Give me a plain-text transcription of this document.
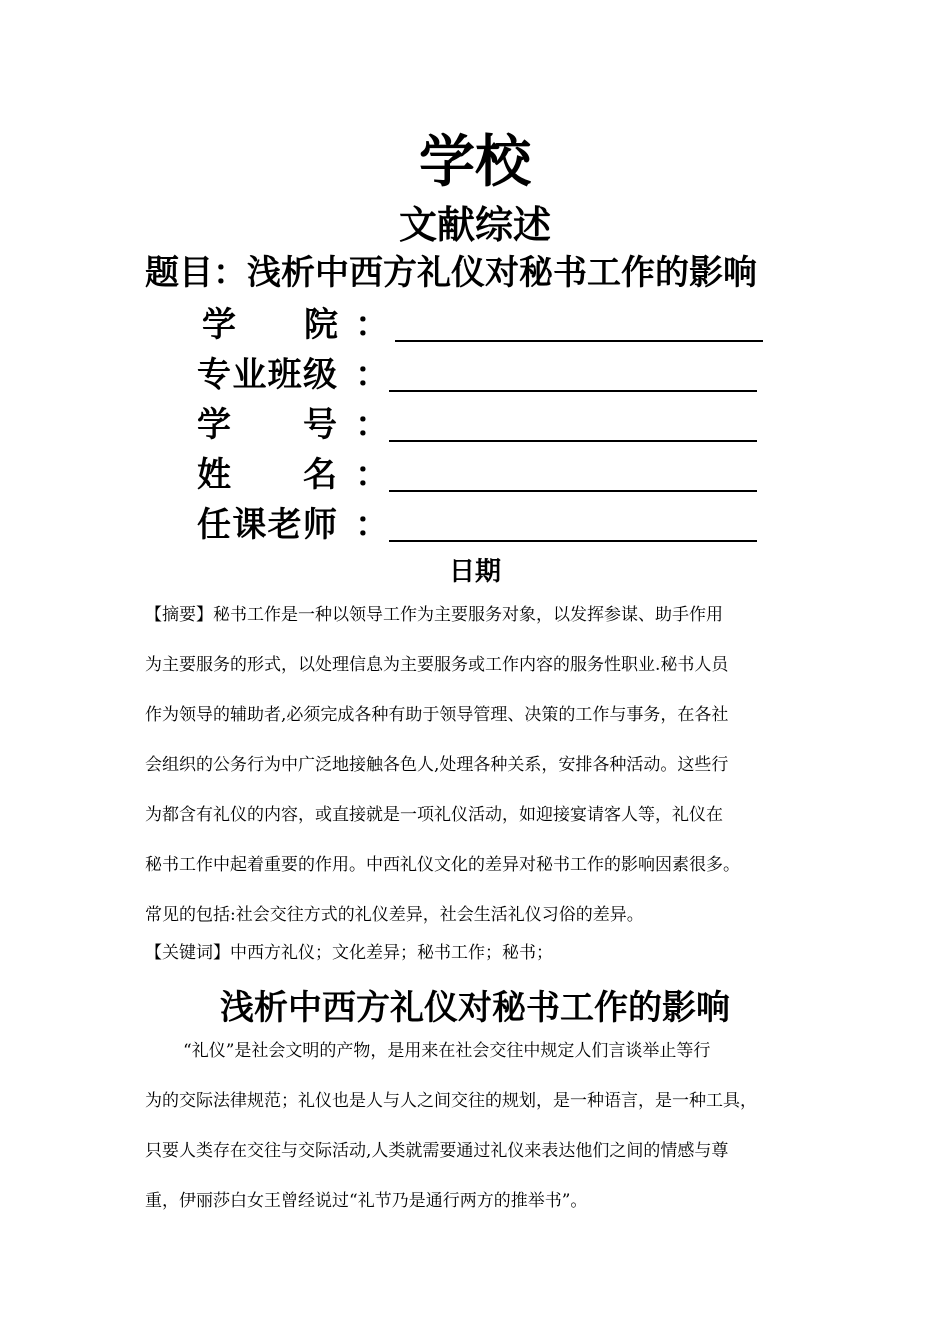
学校
文献综述
题目：浅析中西方礼仪对秘书工作的影响
学　　院 ：
专业班级 ：
学　　号 ：
姓　　名 ：
任课老师 ：
日期
【摘要】秘书工作是一种以领导工作为主要服务对象，以发挥参谋、助手作用
为主要服务的形式，以处理信息为主要服务或工作内容的服务性职业.秘书人员
作为领导的辅助者,必须完成各种有助于领导管理、决策的工作与事务，在各社
会组织的公务行为中广泛地接触各色人,处理各种关系，安排各种活动。这些行
为都含有礼仪的内容，或直接就是一项礼仪活动，如迎接宴请客人等，礼仪在
秘书工作中起着重要的作用。中西礼仪文化的差异对秘书工作的影响因素很多。
常见的包括:社会交往方式的礼仪差异，社会生活礼仪习俗的差异。
【关键词】中西方礼仪；文化差异；秘书工作；秘书；
浅析中西方礼仪对秘书工作的影响
“礼仪”是社会文明的产物，是用来在社会交往中规定人们言谈举止等行
为的交际法律规范；礼仪也是人与人之间交往的规划，是一种语言，是一种工具，
只要人类存在交往与交际活动,人类就需要通过礼仪来表达他们之间的情感与尊
重，伊丽莎白女王曾经说过“礼节乃是通行两方的推举书”。
